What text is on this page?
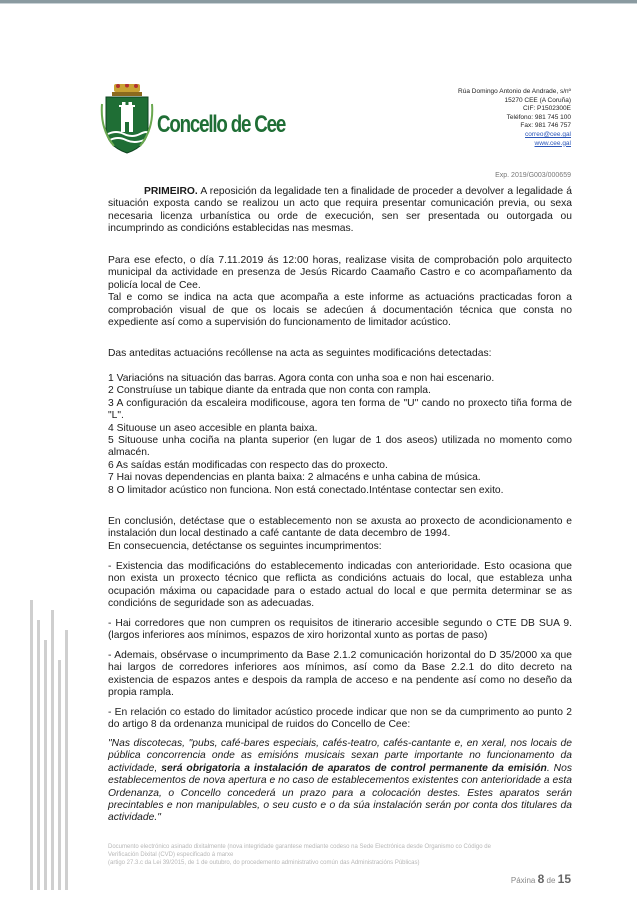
Concello de Cee
Rúa Domingo Antonio de Andrade, s/nº
15270 CEE (A Coruña)
CIF: P1502300E
Teléfono: 981 745 100
Fax: 981 746 757
correo@cee.gal
www.cee.gal
Exp. 2019/G003/000659

PRIMEIRO. A reposición da legalidade ten a finalidade de proceder a devolver a legalidade á situación exposta cando se realizou un acto que requira presentar comunicación previa, ou sexa necesaria licenza urbanística ou orde de execución, sen ser presentada ou outorgada ou incumprindo as condicións establecidas nas mesmas.

Para ese efecto, o día 7.11.2019 ás 12:00 horas, realizase visita de comprobación polo arquitecto municipal da actividade en presenza de Jesús Ricardo Caamaño Castro e co acompañamento da policía local de Cee.

Tal e como se indica na acta que acompaña a este informe as actuacións practicadas foron a comprobación visual de que os locais se adecúen á documentación técnica que consta no expediente así como a supervisión do funcionamento de limitador acústico.

Das anteditas actuacións recóllense na acta as seguintes modificacións detectadas:

1 Variacións na situación das barras. Agora conta con unha soa e non hai escenario.

2 Construíuse un tabique diante da entrada que non conta con rampla.

3 A configuración da escaleira modificouse, agora ten forma de "U" cando no proxecto tiña forma de "L".

4 Situouse un aseo accesible en planta baixa.

5 Situouse unha cociña na planta superior (en lugar de 1 dos aseos) utilizada no momento como almacén.

6 As saídas están modificadas con respecto das do proxecto.

7 Hai novas dependencias en planta baixa: 2 almacéns e unha cabina de música.

8 O limitador acústico non funciona. Non está conectado.Inténtase contectar sen exito.

En conclusión, detéctase que o establecemento non se axusta ao proxecto de acondicionamento e instalación dun local destinado a café cantante de data decembro de 1994.

En consecuencia, detéctanse os seguintes incumprimentos:

- Existencia das modificacións do establecemento indicadas con anterioridade. Esto ocasiona que non exista un proxecto técnico que reflicta as condicións actuais do local, que estableza unha ocupación máxima ou capacidade para o estado actual do local e que permita determinar se as condicións de seguridade son as adecuadas.

- Hai corredores que non cumpren os requisitos de itinerario accesible segundo o CTE DB SUA 9. (largos inferiores aos mínimos, espazos de xiro horizontal xunto as portas de paso)

- Ademais, obsérvase o incumprimento da Base 2.1.2 comunicación horizontal do D 35/2000 xa que hai largos de corredores inferiores aos mínimos, así como da Base 2.2.1 do dito decreto na existencia de espazos antes e despois da rampla de acceso e na pendente así como no deseño da propia rampla.

- En relación co estado do limitador acústico procede indicar que non se da cumprimento ao punto 2 do artigo 8 da ordenanza municipal de ruidos do Concello de Cee:

"Nas discotecas, "pubs, café-bares especiais, cafés-teatro, cafés-cantante e, en xeral, nos locais de pública concorrencia onde as emisións musicais sexan parte importante no funcionamento da actividade, será obrigatoria a instalación de aparatos de control permanente da emisión. Nos establecementos de nova apertura e no caso de establecementos existentes con anterioridade a esta Ordenanza, o Concello concederá un prazo para a colocación destes. Estes aparatos serán precintables e non manipulables, o seu custo e o da súa instalación serán por conta dos titulares da actividade."

Documento electrónico asinado dixitalmente (nova integridade garantese mediante codeso na Sede Electrónica desde Organismo co Código de
Verificación Dixital (CVD) especificado á marxe
(artigo 27.3.c da Lei 39/2015, de 1 de outubro, do procedemento administrativo común das Administracións Públicas)
Páxina 8 de 15
